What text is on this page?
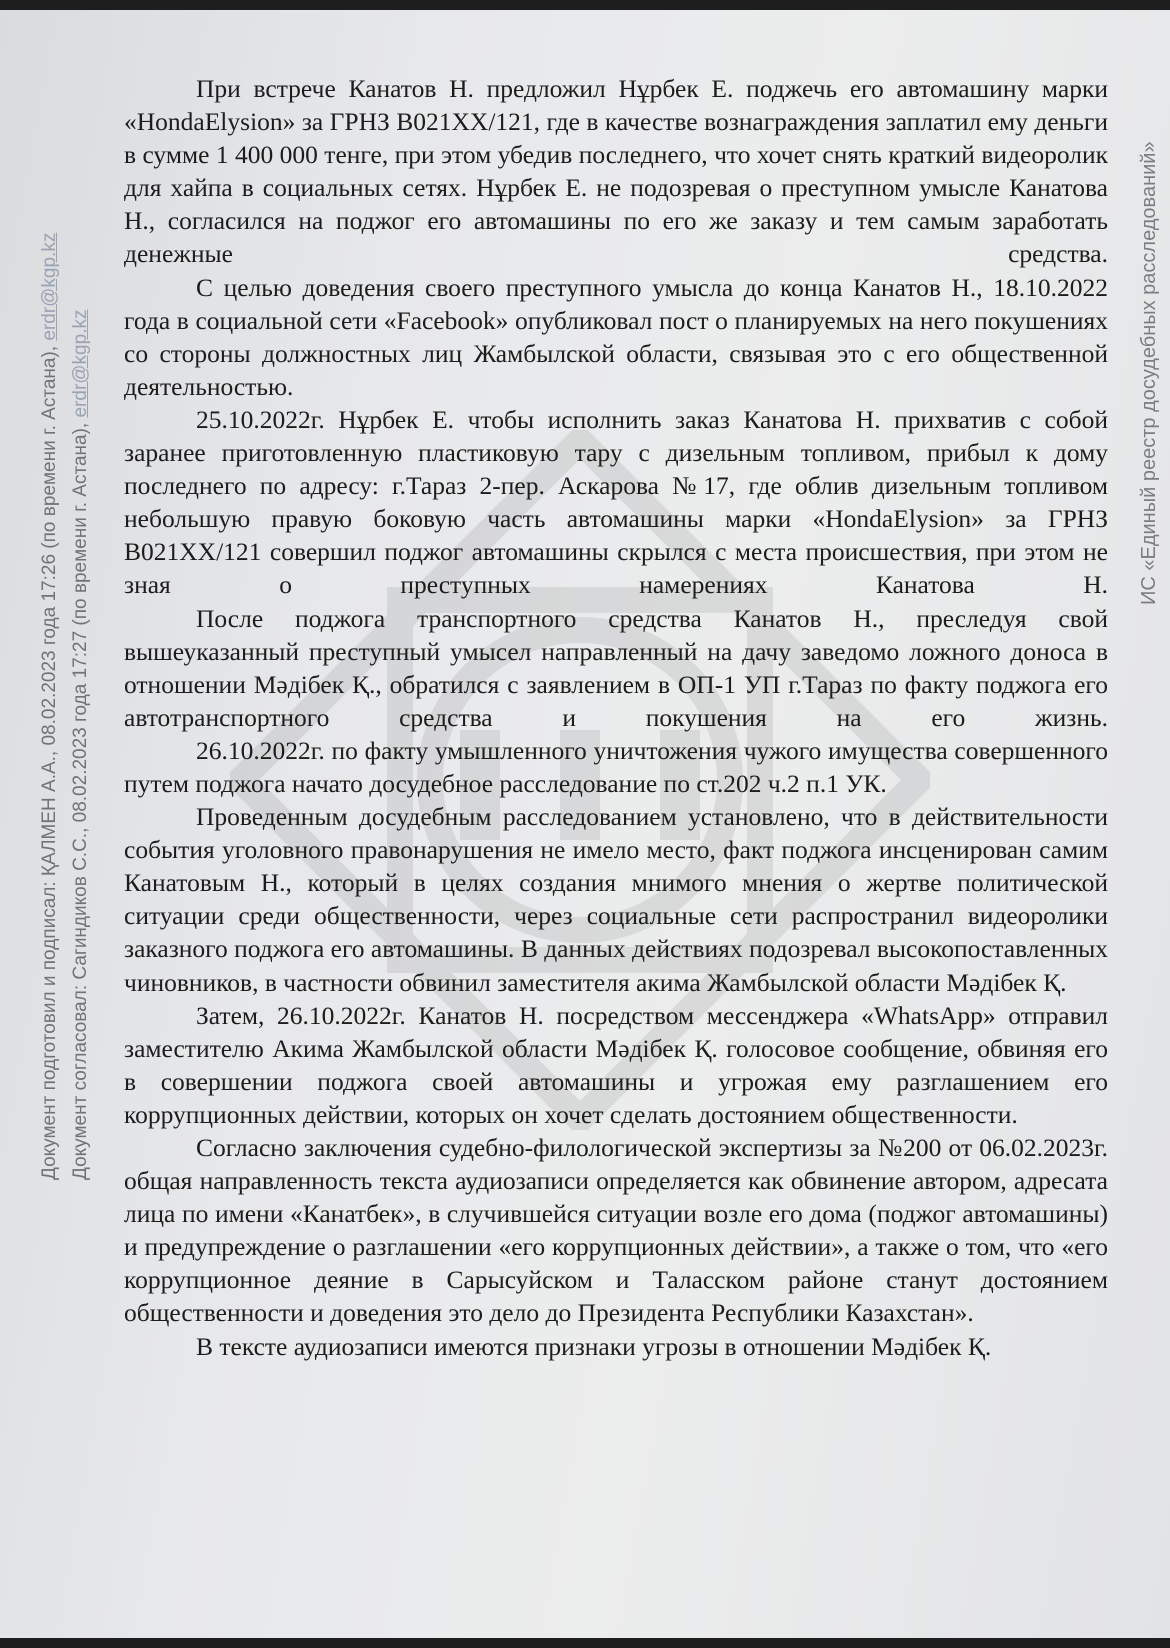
Документ подготовил и подписал: ҚАЛМЕН А.А., 08.02.2023 года 17:26 (по времени г. Астана), erdr@kgp.kz
Документ согласовал: Сагиндиков С.С., 08.02.2023 года 17:27 (по времени г. Астана), erdr@kgp.kz	ИС «Единый реестр досудебных расследований»

При встрече Канатов Н. предложил Нұрбек Е. поджечь его автомашину марки «HondaElysion» за ГРНЗ B021XX/121, где в качестве вознаграждения заплатил ему деньги в сумме 1 400 000 тенге, при этом убедив последнего, что хочет снять краткий видеоролик для хайпа в социальных сетях. Нұрбек Е. не подозревая о преступном умысле Канатова Н., согласился на поджог его автомашины по его же заказу и тем самым заработать денежные средства.

С целью доведения своего преступного умысла до конца Канатов Н., 18.10.2022 года в социальной сети «Facebook» опубликовал пост о планируемых на него покушениях со стороны должностных лиц Жамбылской области, связывая это с его общественной деятельностью.

25.10.2022г. Нұрбек Е. чтобы исполнить заказ Канатова Н. прихватив с собой заранее приготовленную пластиковую тару с дизельным топливом, прибыл к дому последнего по адресу: г.Тараз 2-пер. Аскарова №17, где облив дизельным топливом небольшую правую боковую часть автомашины марки «HondaElysion» за ГРНЗ B021XX/121 совершил поджог автомашины скрылся с места происшествия, при этом не зная о преступных намерениях Канатова Н.

После поджога транспортного средства Канатов Н., преследуя свой вышеуказанный преступный умысел направленный на дачу заведомо ложного доноса в отношении Мәдібек Қ., обратился с заявлением в ОП-1 УП г.Тараз по факту поджога его автотранспортного средства и покушения на его жизнь.

26.10.2022г. по факту умышленного уничтожения чужого имущества совершенного путем поджога начато досудебное расследование по ст.202 ч.2 п.1 УК.

Проведенным досудебным расследованием установлено, что в действительности события уголовного правонарушения не имело место, факт поджога инсценирован самим Канатовым Н., который в целях создания мнимого мнения о жертве политической ситуации среди общественности, через социальные сети распространил видеоролики заказного поджога его автомашины. В данных действиях подозревал высокопоставленных чиновников, в частности обвинил заместителя акима Жамбылской области Мәдібек Қ.

Затем, 26.10.2022г. Канатов Н. посредством мессенджера «WhatsApp» отправил заместителю Акима Жамбылской области Мәдібек Қ. голосовое сообщение, обвиняя его в совершении поджога своей автомашины и угрожая ему разглашением его коррупционных действии, которых он хочет сделать достоянием общественности.

Согласно заключения судебно-филологической экспертизы за №200 от 06.02.2023г. общая направленность текста аудиозаписи определяется как обвинение автором, адресата лица по имени «Канатбек», в случившейся ситуации возле его дома (поджог автомашины) и предупреждение о разглашении «его коррупционных действии», а также о том, что «его коррупционное деяние в Сарысуйском и Таласском районе станут достоянием общественности и доведения это дело до Президента Республики Казахстан».

В тексте аудиозаписи имеются признаки угрозы в отношении Мәдібек Қ.
